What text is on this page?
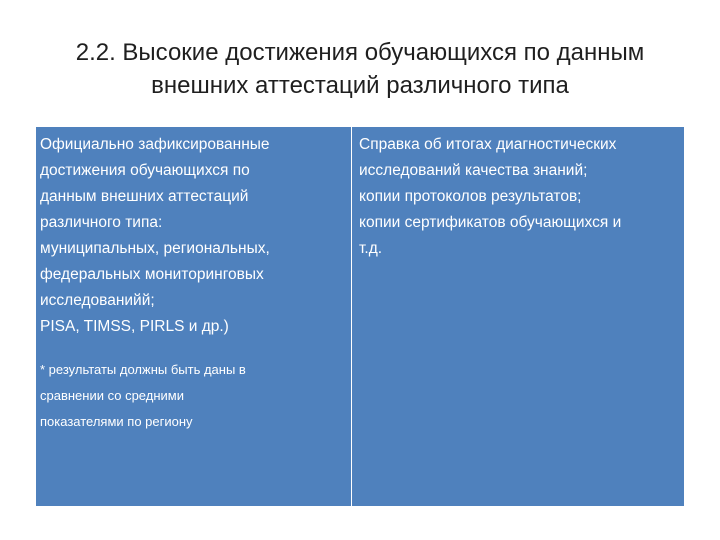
2.2. Высокие достижения обучающихся по данным
внешних аттестаций различного типа
Официально зафиксированные
достижения обучающихся по
данным внешних аттестаций
различного типа:
муниципальных, региональных,
федеральных мониторинговых
исследованийй;
PISA, TIMSS, PIRLS и др.)
* результаты должны быть даны в
сравнении со средними
показателями по региону
Справка об итогах диагностических
исследований качества знаний;
копии протоколов результатов;
копии сертификатов обучающихся и
т.д.
